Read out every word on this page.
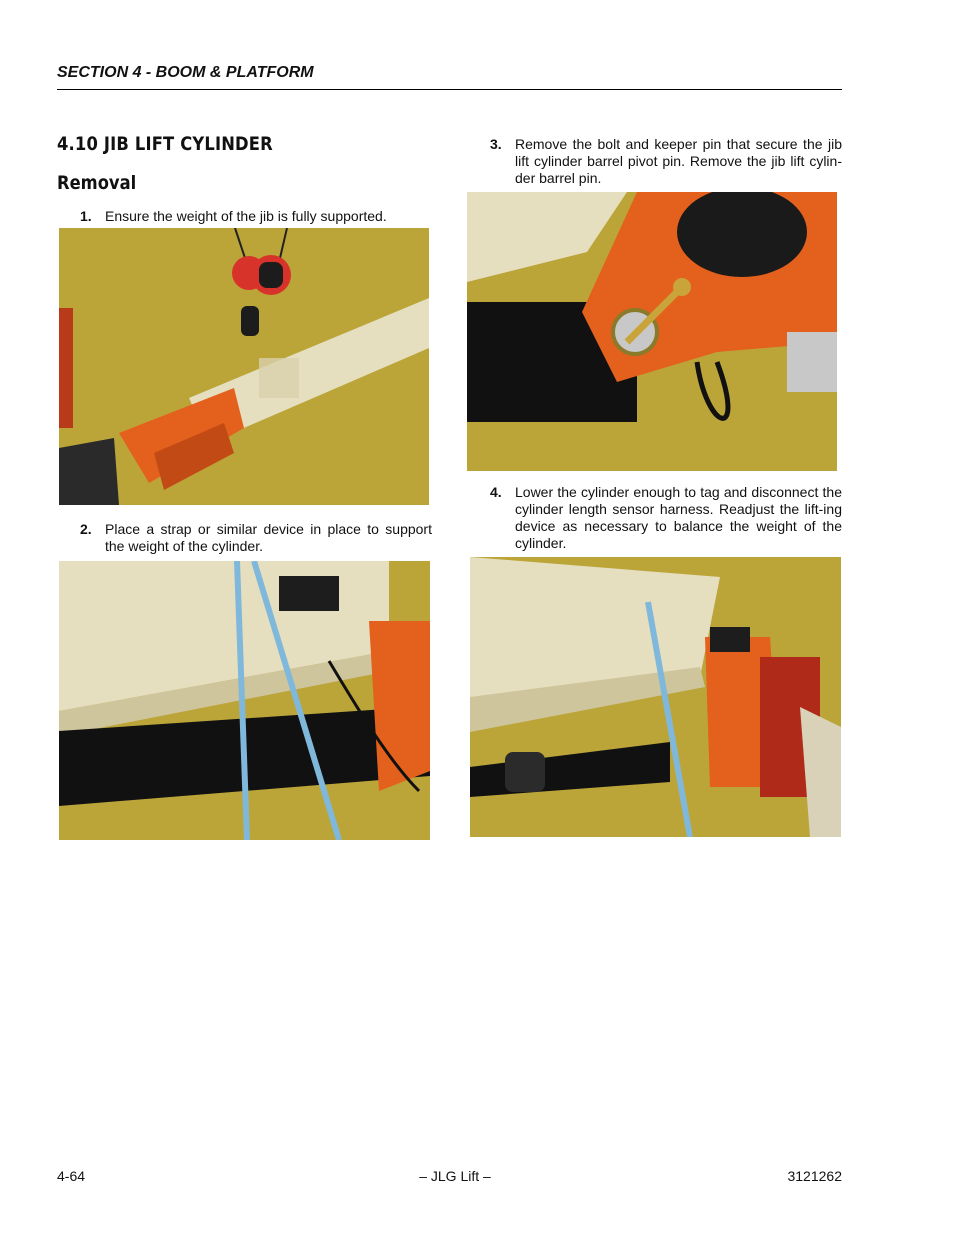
SECTION 4 - BOOM & PLATFORM
4.10 JIB LIFT CYLINDER
Removal
1. Ensure the weight of the jib is fully supported.
2. Place a strap or similar device in place to support the weight of the cylinder.
3. Remove the bolt and keeper pin that secure the jib lift cylinder barrel pivot pin. Remove the jib lift cylin-der barrel pin.
4. Lower the cylinder enough to tag and disconnect the cylinder length sensor harness. Readjust the lift-ing device as necessary to balance the weight of the cylinder.
4-64	– JLG Lift –	3121262
